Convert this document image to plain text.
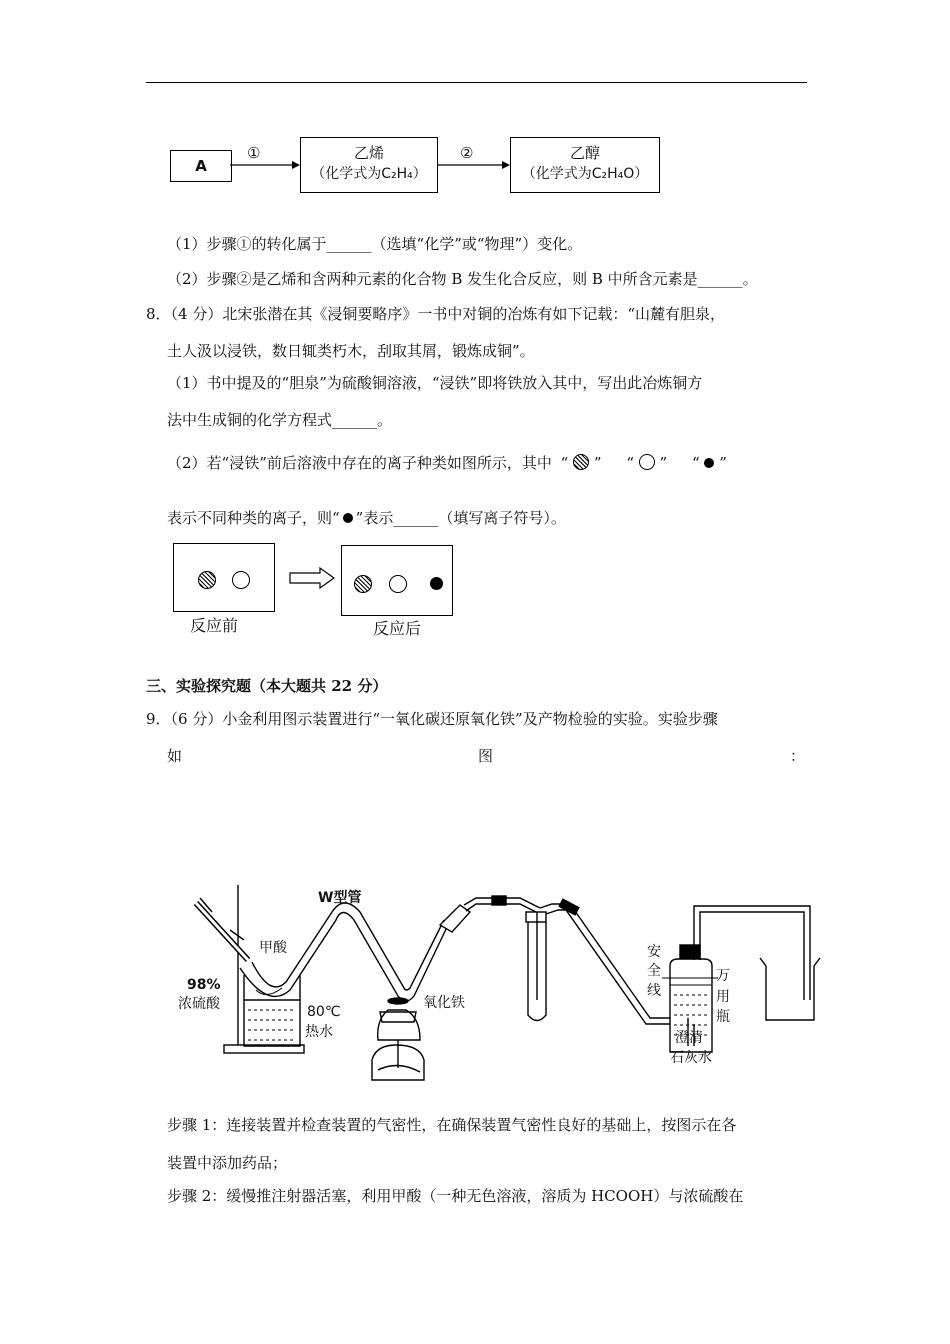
A
①	②
乙烯
（化学式为C₂H₄）
乙醇
（化学式为C₂H₄O）
（1）步骤①的转化属于______（选填“化学”或“物理”）变化。
（2）步骤②是乙烯和含两种元素的化合物 B 发生化合反应，则 B 中所含元素是______。
8．（4 分）北宋张潜在其《浸铜要略序》一书中对铜的冶炼有如下记载：“山麓有胆泉，
土人汲以浸铁，数日辄类朽木，刮取其屑，锻炼成铜”。
（1）书中提及的“胆泉”为硫酸铜溶液，“浸铁”即将铁放入其中，写出此冶炼铜方
法中生成铜的化学方程式______。
（2）若“浸铁”前后溶液中存在的离子种类如图所示，其中 “  ” “  ” “  ”
表示不同种类的离子，则“ ”表示______（填写离子符号）。
反应前	反应后
三、实验探究题（本大题共 22 分）
9．（6 分）小金利用图示装置进行“一氧化碳还原氧化铁”及产物检验的实验。实验步骤
如	图	：
W型管
甲酸
98%
浓硫酸	80℃
热水
氧化铁
安
全
线
万
用
瓶
澄清
石灰水
步骤 1：连接装置并检查装置的气密性，在确保装置气密性良好的基础上，按图示在各
装置中添加药品；
步骤 2：缓慢推注射器活塞，利用甲酸（一种无色溶液，溶质为 HCOOH）与浓硫酸在
